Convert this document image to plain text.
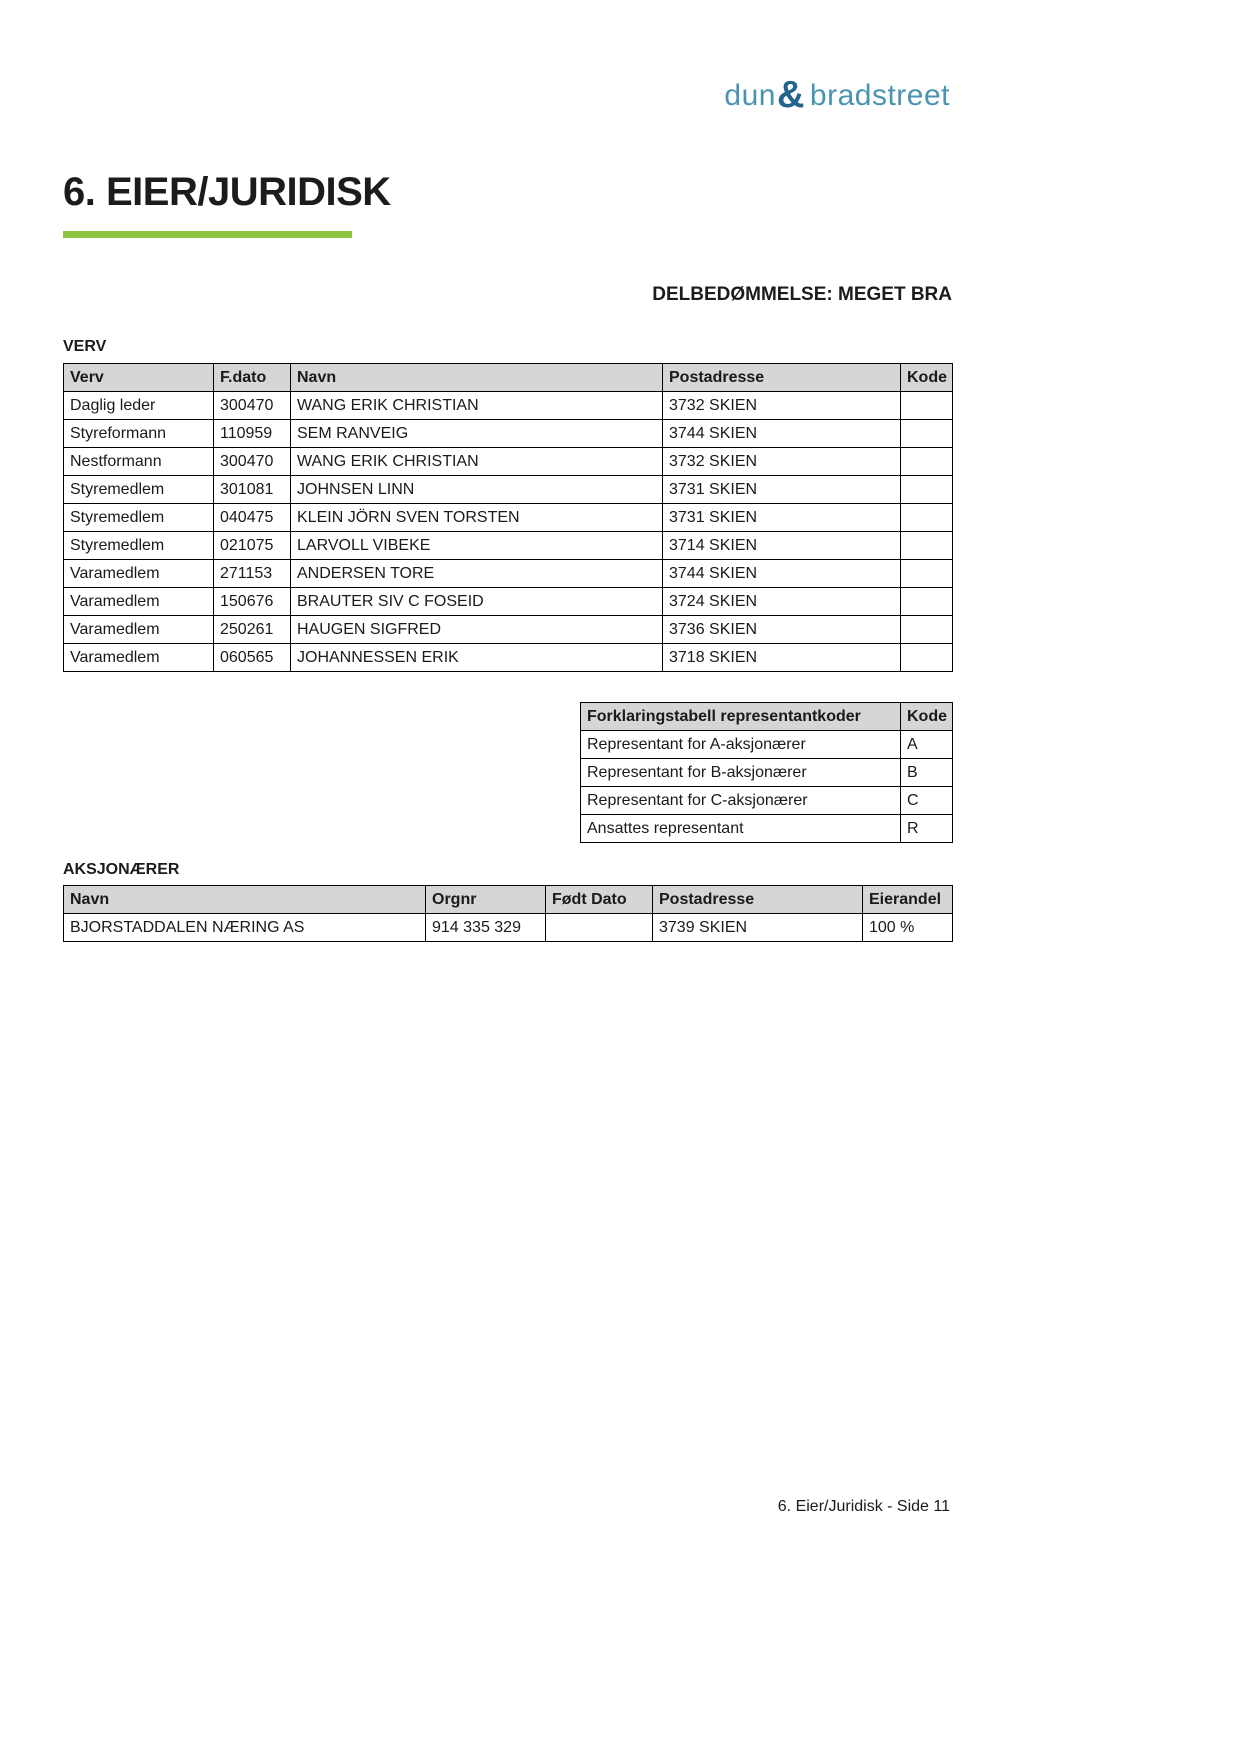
dun& bradstreet
6. EIER/JURIDISK
DELBEDØMMELSE: MEGET BRA
VERV
Verv	F.dato	Navn	Postadresse	Kode
Daglig leder	300470	WANG ERIK CHRISTIAN	3732 SKIEN	
Styreformann	110959	SEM RANVEIG	3744 SKIEN	
Nestformann	300470	WANG ERIK CHRISTIAN	3732 SKIEN	
Styremedlem	301081	JOHNSEN LINN	3731 SKIEN	
Styremedlem	040475	KLEIN JÖRN SVEN TORSTEN	3731 SKIEN	
Styremedlem	021075	LARVOLL VIBEKE	3714 SKIEN	
Varamedlem	271153	ANDERSEN TORE	3744 SKIEN	
Varamedlem	150676	BRAUTER SIV C FOSEID	3724 SKIEN	
Varamedlem	250261	HAUGEN SIGFRED	3736 SKIEN	
Varamedlem	060565	JOHANNESSEN ERIK	3718 SKIEN	
Forklaringstabell representantkoder	Kode
Representant for A-aksjonærer	A
Representant for B-aksjonærer	B
Representant for C-aksjonærer	C
Ansattes representant	R
AKSJONÆRER
Navn	Orgnr	Født Dato	Postadresse	Eierandel
BJORSTADDALEN NÆRING AS	914 335 329		3739 SKIEN	100 %
6. Eier/Juridisk - Side 11
